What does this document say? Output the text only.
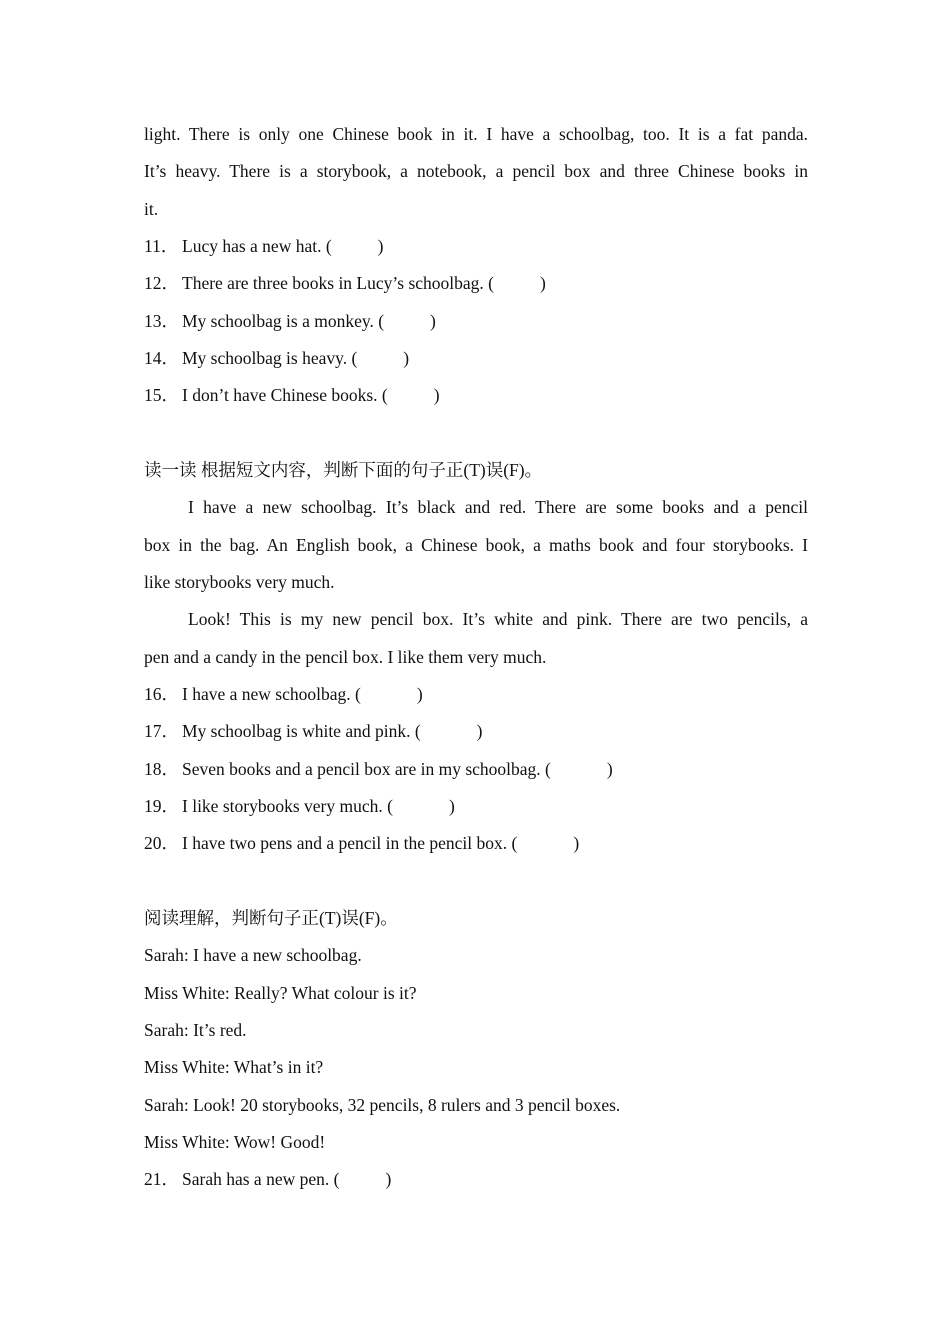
light. There is only one Chinese book in it. I have a schoolbag, too. It is a fat panda.
It’s heavy. There is a storybook, a notebook, a pencil box and three Chinese books in
it.
11． Lucy has a new hat. (	)
12． There are three books in Lucy’s schoolbag. (	)
13． My schoolbag is a monkey. (	)
14． My schoolbag is heavy. (	)
15． I don’t have Chinese books. (	)
读一读 根据短文内容，判断下面的句子正(T)误(F)。
I have a new schoolbag. It’s black and red. There are some books and a pencil
box in the bag. An English book, a Chinese book, a maths book and four storybooks. I
like storybooks very much.
Look! This is my new pencil box. It’s white and pink. There are two pencils, a
pen and a candy in the pencil box. I like them very much.
16． I have a new schoolbag. (	)
17． My schoolbag is white and pink. (	)
18． Seven books and a pencil box are in my schoolbag. (	)
19． I like storybooks very much. (	)
20． I have two pens and a pencil in the pencil box. (	)
阅读理解，判断句子正(T)误(F)。
Sarah: I have a new schoolbag.
Miss White: Really? What colour is it?
Sarah: It’s red.
Miss White: What’s in it?
Sarah: Look! 20 storybooks, 32 pencils, 8 rulers and 3 pencil boxes.
Miss White: Wow! Good!
21． Sarah has a new pen. (	)
